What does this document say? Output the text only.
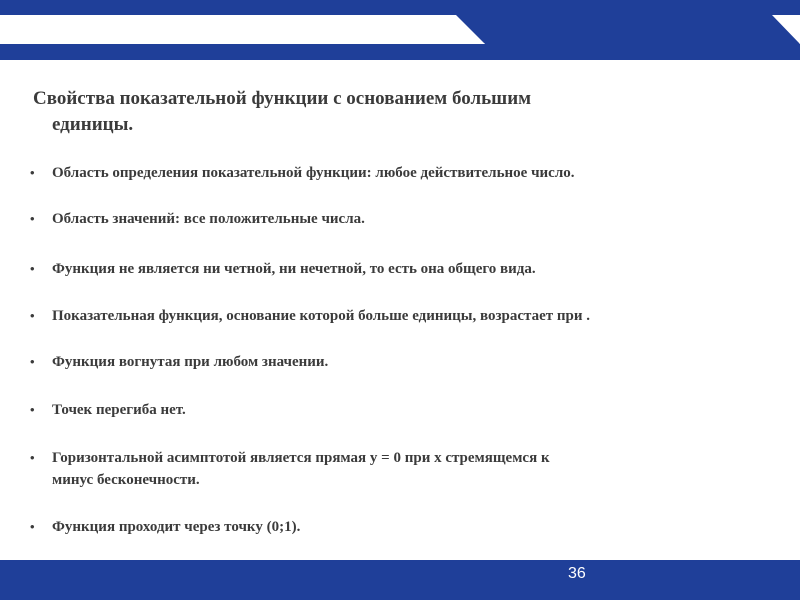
Свойства показательной функции с основанием большим
единицы.
•	Область определения показательной функции: любое действительное число.
•	Область значений: все положительные числа.
•	Функция не является ни четной, ни нечетной, то есть она общего вида.
•	Показательная функция, основание которой больше единицы, возрастает при .
•	Функция вогнутая при любом значении.
•	Точек перегиба нет.
•	Горизонтальной асимптотой является прямая y = 0 при x стремящемся к
минус бесконечности.
•	Функция проходит через точку (0;1).
36
